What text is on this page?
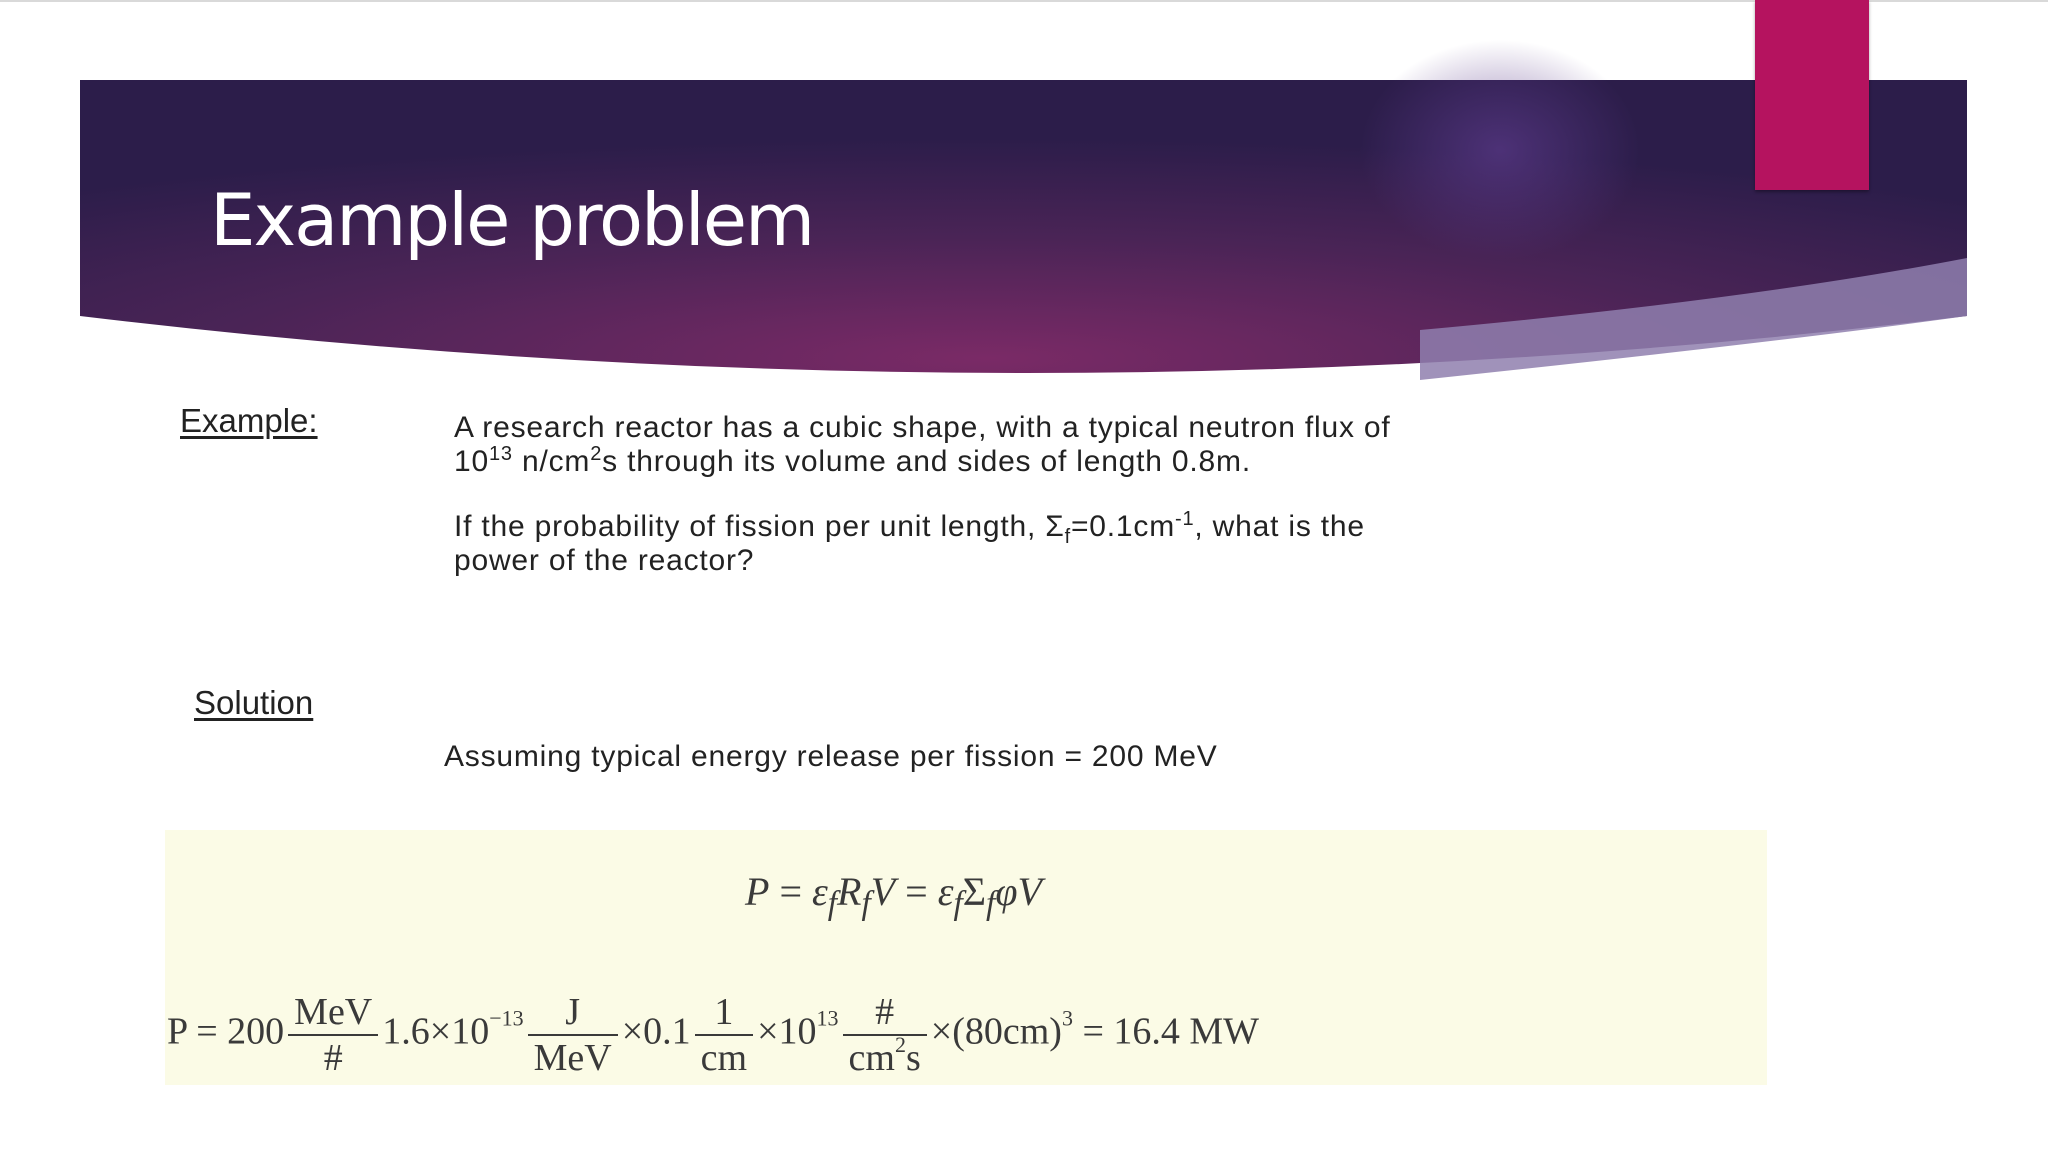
Example problem
Example:	A research reactor has a cubic shape, with a typical neutron flux of
$10^{13}$ $n/cm^2s$ through its volume and sides of length 0.8m.

If the probability of fission per unit length, $\Sigma_f=0.1cm^{-1}$, what is the
power of the reactor?

Solution

Assuming typical energy release per fission = 200 MeV

$P = \varepsilon_fR_fV = \varepsilon_f\Sigma_f\varphi V$
$P = 200 \frac{\text{MeV}}{\#} 1.6\times 10^{-13} \frac{J}{\text{MeV}} \times 0.1 \frac{1}{cm} \times 10^{13} \frac{\#}{cm^2s} \times(80cm)^3 = 16.4$ MW
